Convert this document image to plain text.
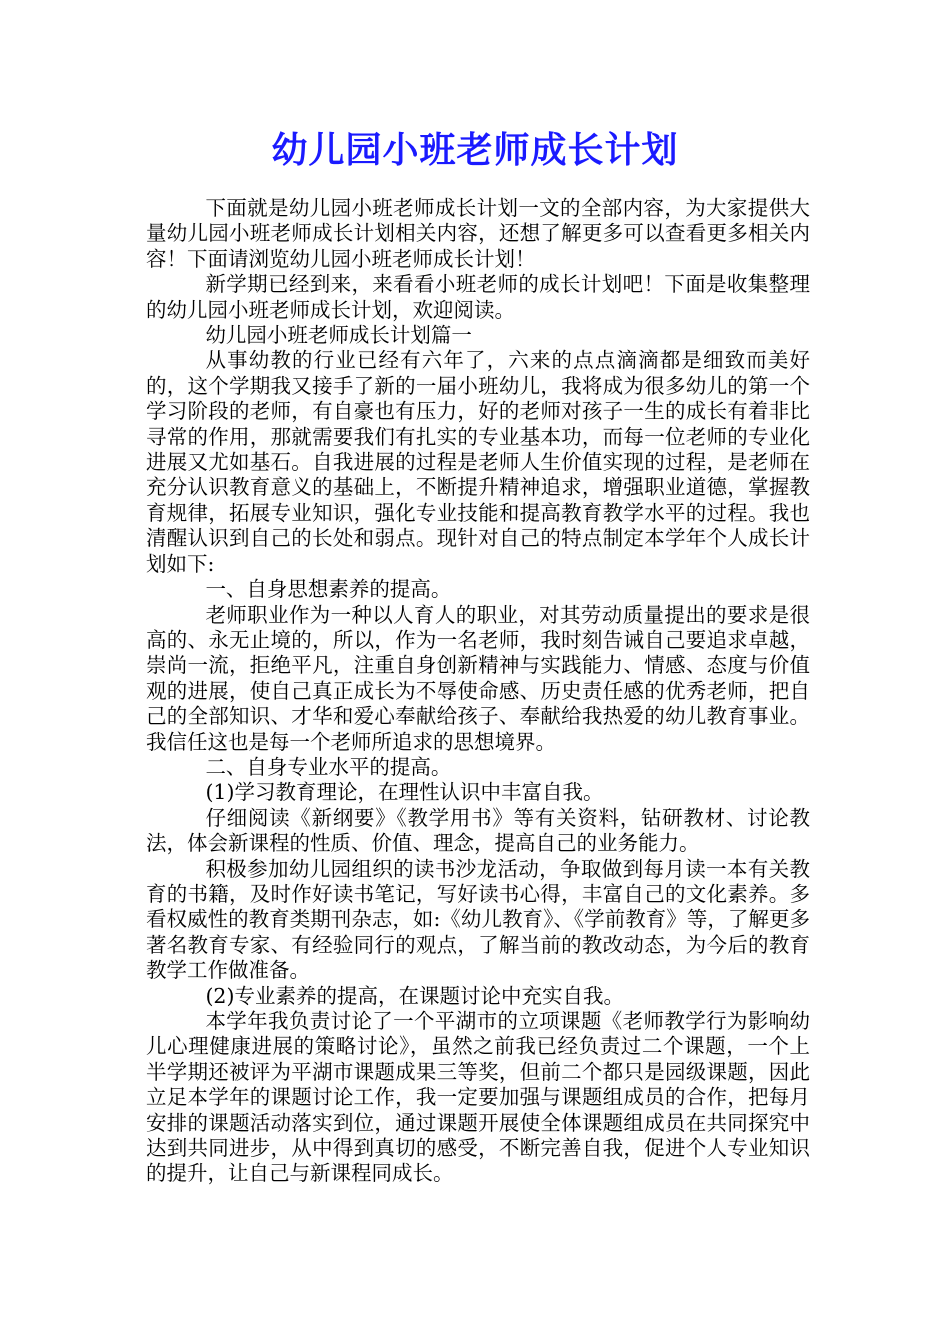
幼儿园小班老师成长计划

下面就是幼儿园小班老师成长计划一文的全部内容，为大家提供大量幼儿园小班老师成长计划相关内容，还想了解更多可以查看更多相关内容！下面请浏览幼儿园小班老师成长计划！

新学期已经到来，来看看小班老师的成长计划吧！下面是收集整理的幼儿园小班老师成长计划，欢迎阅读。

幼儿园小班老师成长计划篇一

从事幼教的行业已经有六年了，六来的点点滴滴都是细致而美好的，这个学期我又接手了新的一届小班幼儿，我将成为很多幼儿的第一个学习阶段的老师，有自豪也有压力，好的老师对孩子一生的成长有着非比寻常的作用，那就需要我们有扎实的专业基本功，而每一位老师的专业化进展又尤如基石。自我进展的过程是老师人生价值实现的过程，是老师在充分认识教育意义的基础上，不断提升精神追求，增强职业道德，掌握教育规律，拓展专业知识，强化专业技能和提高教育教学水平的过程。我也清醒认识到自己的长处和弱点。现针对自己的特点制定本学年个人成长计划如下:

一、自身思想素养的提高。

老师职业作为一种以人育人的职业，对其劳动质量提出的要求是很高的、永无止境的，所以，作为一名老师，我时刻告诫自己要追求卓越，崇尚一流，拒绝平凡，注重自身创新精神与实践能力、情感、态度与价值观的进展，使自己真正成长为不辱使命感、历史责任感的优秀老师，把自己的全部知识、才华和爱心奉献给孩子、奉献给我热爱的幼儿教育事业。我信任这也是每一个老师所追求的思想境界。

二、自身专业水平的提高。

(1)学习教育理论，在理性认识中丰富自我。

仔细阅读《新纲要》《教学用书》等有关资料，钻研教材、讨论教法，体会新课程的性质、价值、理念，提高自己的业务能力。

积极参加幼儿园组织的读书沙龙活动，争取做到每月读一本有关教育的书籍，及时作好读书笔记，写好读书心得，丰富自己的文化素养。多看权威性的教育类期刊杂志，如:《幼儿教育》、《学前教育》等，了解更多著名教育专家、有经验同行的观点，了解当前的教改动态，为今后的教育教学工作做准备。

(2)专业素养的提高，在课题讨论中充实自我。

本学年我负责讨论了一个平湖市的立项课题《老师教学行为影响幼儿心理健康进展的策略讨论》，虽然之前我已经负责过二个课题，一个上半学期还被评为平湖市课题成果三等奖，但前二个都只是园级课题，因此立足本学年的课题讨论工作，我一定要加强与课题组成员的合作，把每月安排的课题活动落实到位，通过课题开展使全体课题组成员在共同探究中达到共同进步，从中得到真切的感受，不断完善自我，促进个人专业知识的提升，让自己与新课程同成长。
